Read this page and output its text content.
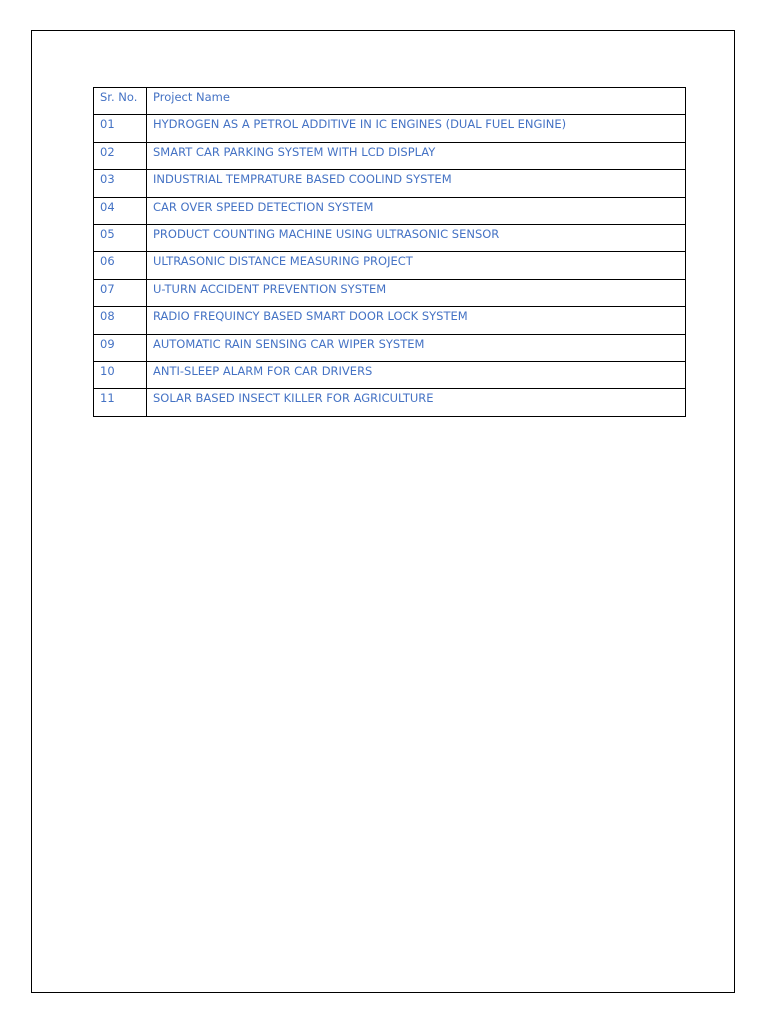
Sr. No.	Project Name
01	HYDROGEN AS A PETROL ADDITIVE IN IC ENGINES (DUAL FUEL ENGINE)
02	SMART CAR PARKING SYSTEM WITH LCD DISPLAY
03	INDUSTRIAL TEMPRATURE BASED COOLIND SYSTEM
04	CAR OVER SPEED DETECTION SYSTEM
05	PRODUCT COUNTING MACHINE USING ULTRASONIC SENSOR
06	ULTRASONIC DISTANCE MEASURING PROJECT
07	U-TURN ACCIDENT PREVENTION SYSTEM
08	RADIO FREQUINCY BASED SMART DOOR LOCK SYSTEM
09	AUTOMATIC RAIN SENSING CAR WIPER SYSTEM
10	ANTI-SLEEP ALARM FOR CAR DRIVERS
11	SOLAR BASED INSECT KILLER FOR AGRICULTURE
